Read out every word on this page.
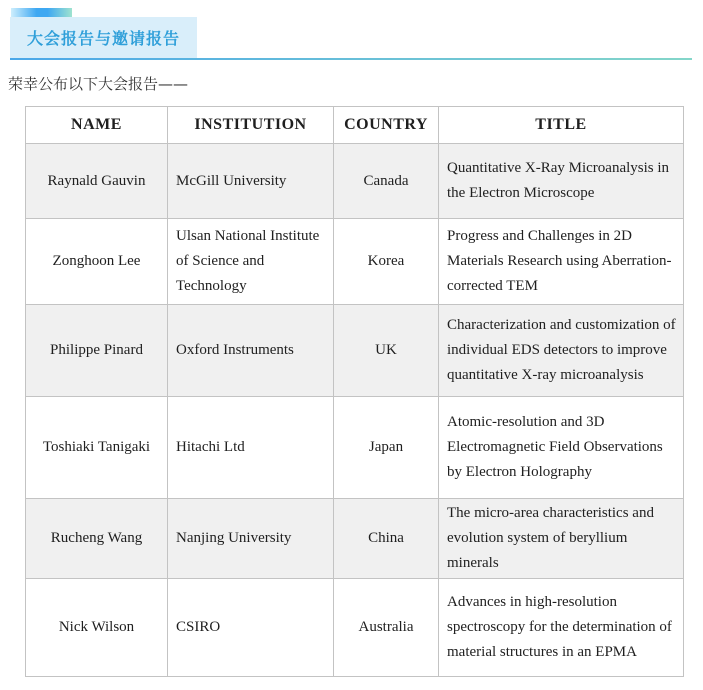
大会报告与邀请报告

荣幸公布以下大会报告——

NAME	INSTITUTION	COUNTRY	TITLE
Raynald Gauvin	McGill University	Canada	Quantitative X-Ray Microanalysis in the Electron Microscope
Zonghoon Lee	Ulsan National Institute of Science and Technology	Korea	Progress and Challenges in 2D Materials Research using Aberration-corrected TEM
Philippe Pinard	Oxford Instruments	UK	Characterization and customization of individual EDS detectors to improve quantitative X-ray microanalysis
Toshiaki Tanigaki	Hitachi Ltd	Japan	Atomic-resolution and 3D Electromagnetic Field Observations by Electron Holography
Rucheng Wang	Nanjing University	China	The micro-area characteristics and evolution system of beryllium minerals
Nick Wilson	CSIRO	Australia	Advances in high-resolution spectroscopy for the determination of material structures in an EPMA
